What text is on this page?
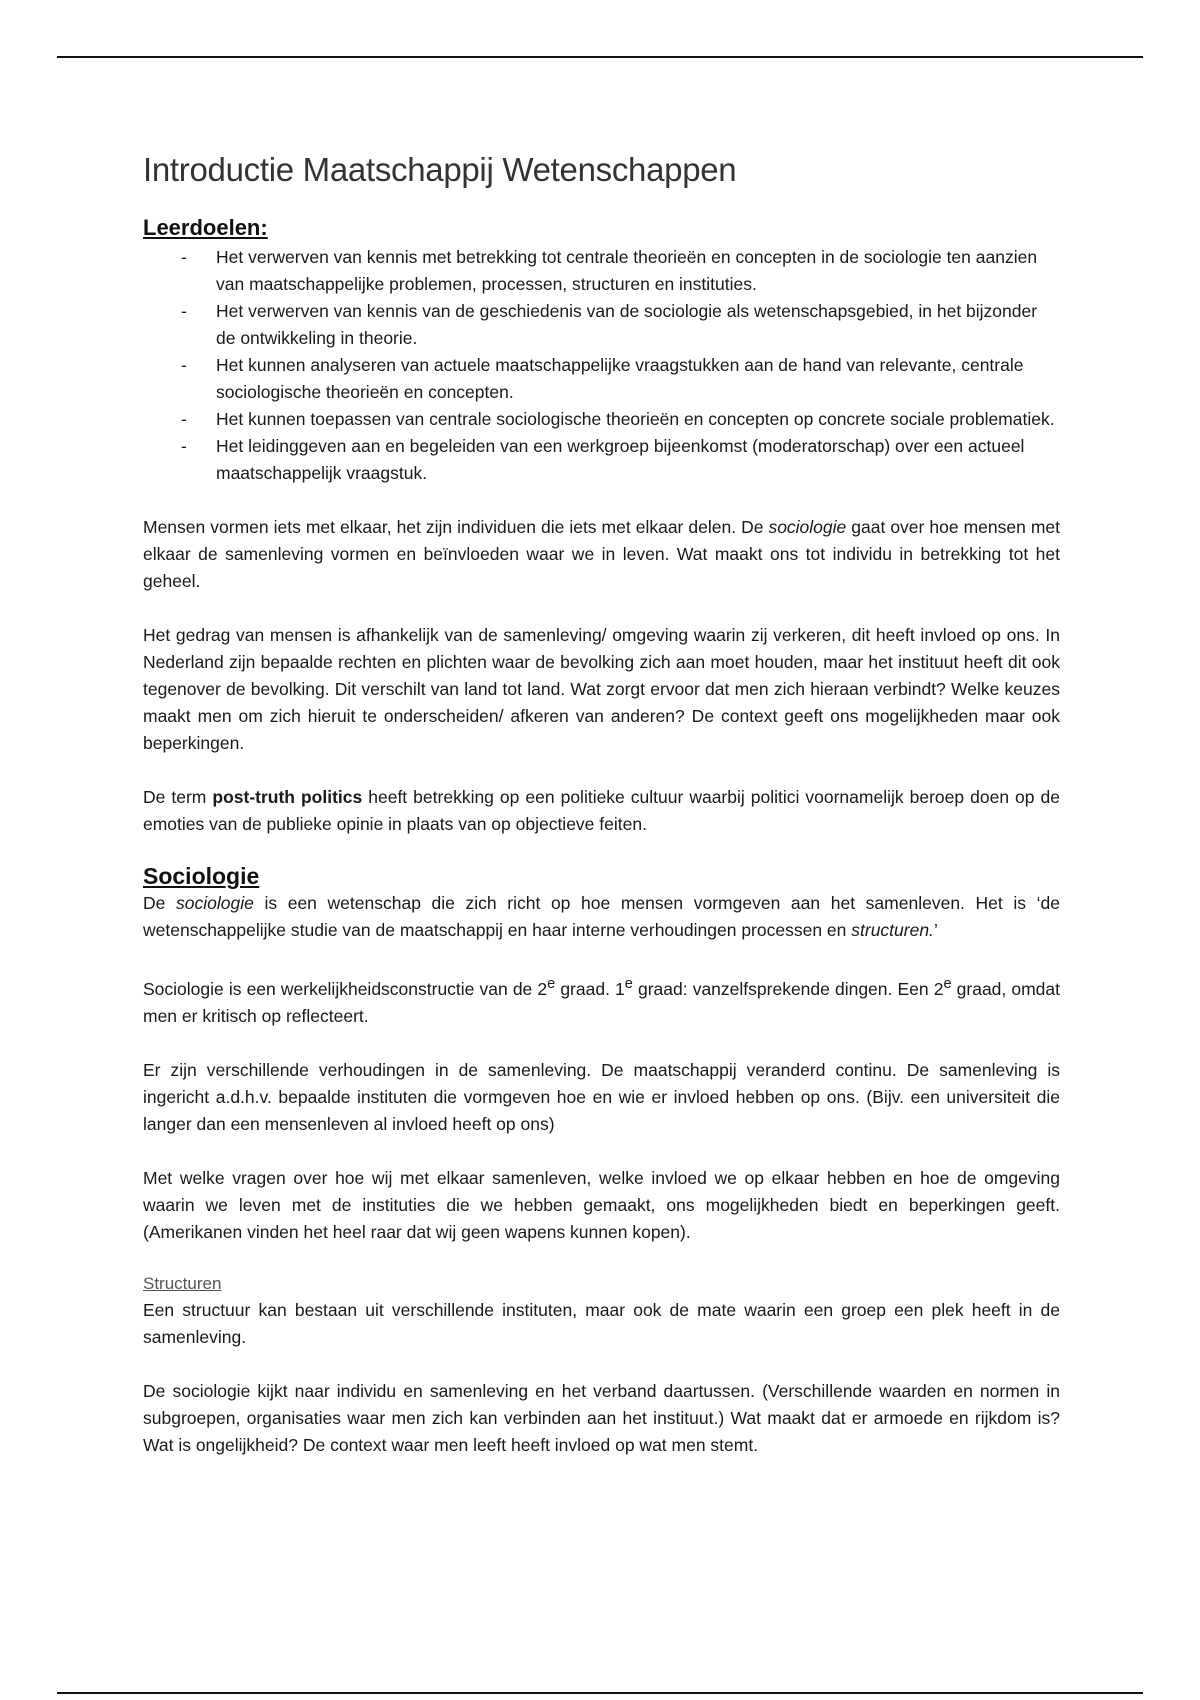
Introductie Maatschappij Wetenschappen
Leerdoelen:
- Het verwerven van kennis met betrekking tot centrale theorieën en concepten in de sociologie ten aanzien van maatschappelijke problemen, processen, structuren en instituties.
- Het verwerven van kennis van de geschiedenis van de sociologie als wetenschapsgebied, in het bijzonder de ontwikkeling in theorie.
- Het kunnen analyseren van actuele maatschappelijke vraagstukken aan de hand van relevante, centrale sociologische theorieën en concepten.
- Het kunnen toepassen van centrale sociologische theorieën en concepten op concrete sociale problematiek.
- Het leidinggeven aan en begeleiden van een werkgroep bijeenkomst (moderatorschap) over een actueel maatschappelijk vraagstuk.

Mensen vormen iets met elkaar, het zijn individuen die iets met elkaar delen. De sociologie gaat over hoe mensen met elkaar de samenleving vormen en beïnvloeden waar we in leven. Wat maakt ons tot individu in betrekking tot het geheel.

Het gedrag van mensen is afhankelijk van de samenleving/ omgeving waarin zij verkeren, dit heeft invloed op ons. In Nederland zijn bepaalde rechten en plichten waar de bevolking zich aan moet houden, maar het instituut heeft dit ook tegenover de bevolking. Dit verschilt van land tot land. Wat zorgt ervoor dat men zich hieraan verbindt? Welke keuzes maakt men om zich hieruit te onderscheiden/ afkeren van anderen? De context geeft ons mogelijkheden maar ook beperkingen.

De term post-truth politics heeft betrekking op een politieke cultuur waarbij politici voornamelijk beroep doen op de emoties van de publieke opinie in plaats van op objectieve feiten.

Sociologie

De sociologie is een wetenschap die zich richt op hoe mensen vormgeven aan het samenleven. Het is ‘de wetenschappelijke studie van de maatschappij en haar interne verhoudingen processen en structuren.’

Sociologie is een werkelijkheidsconstructie van de 2e graad. 1e graad: vanzelfsprekende dingen. Een 2e graad, omdat men er kritisch op reflecteert.

Er zijn verschillende verhoudingen in de samenleving. De maatschappij veranderd continu. De samenleving is ingericht a.d.h.v. bepaalde instituten die vormgeven hoe en wie er invloed hebben op ons. (Bijv. een universiteit die langer dan een mensenleven al invloed heeft op ons)

Met welke vragen over hoe wij met elkaar samenleven, welke invloed we op elkaar hebben en hoe de omgeving waarin we leven met de instituties die we hebben gemaakt, ons mogelijkheden biedt en beperkingen geeft. (Amerikanen vinden het heel raar dat wij geen wapens kunnen kopen).

Structuren

Een structuur kan bestaan uit verschillende instituten, maar ook de mate waarin een groep een plek heeft in de samenleving.

De sociologie kijkt naar individu en samenleving en het verband daartussen. (Verschillende waarden en normen in subgroepen, organisaties waar men zich kan verbinden aan het instituut.) Wat maakt dat er armoede en rijkdom is? Wat is ongelijkheid? De context waar men leeft heeft invloed op wat men stemt.
